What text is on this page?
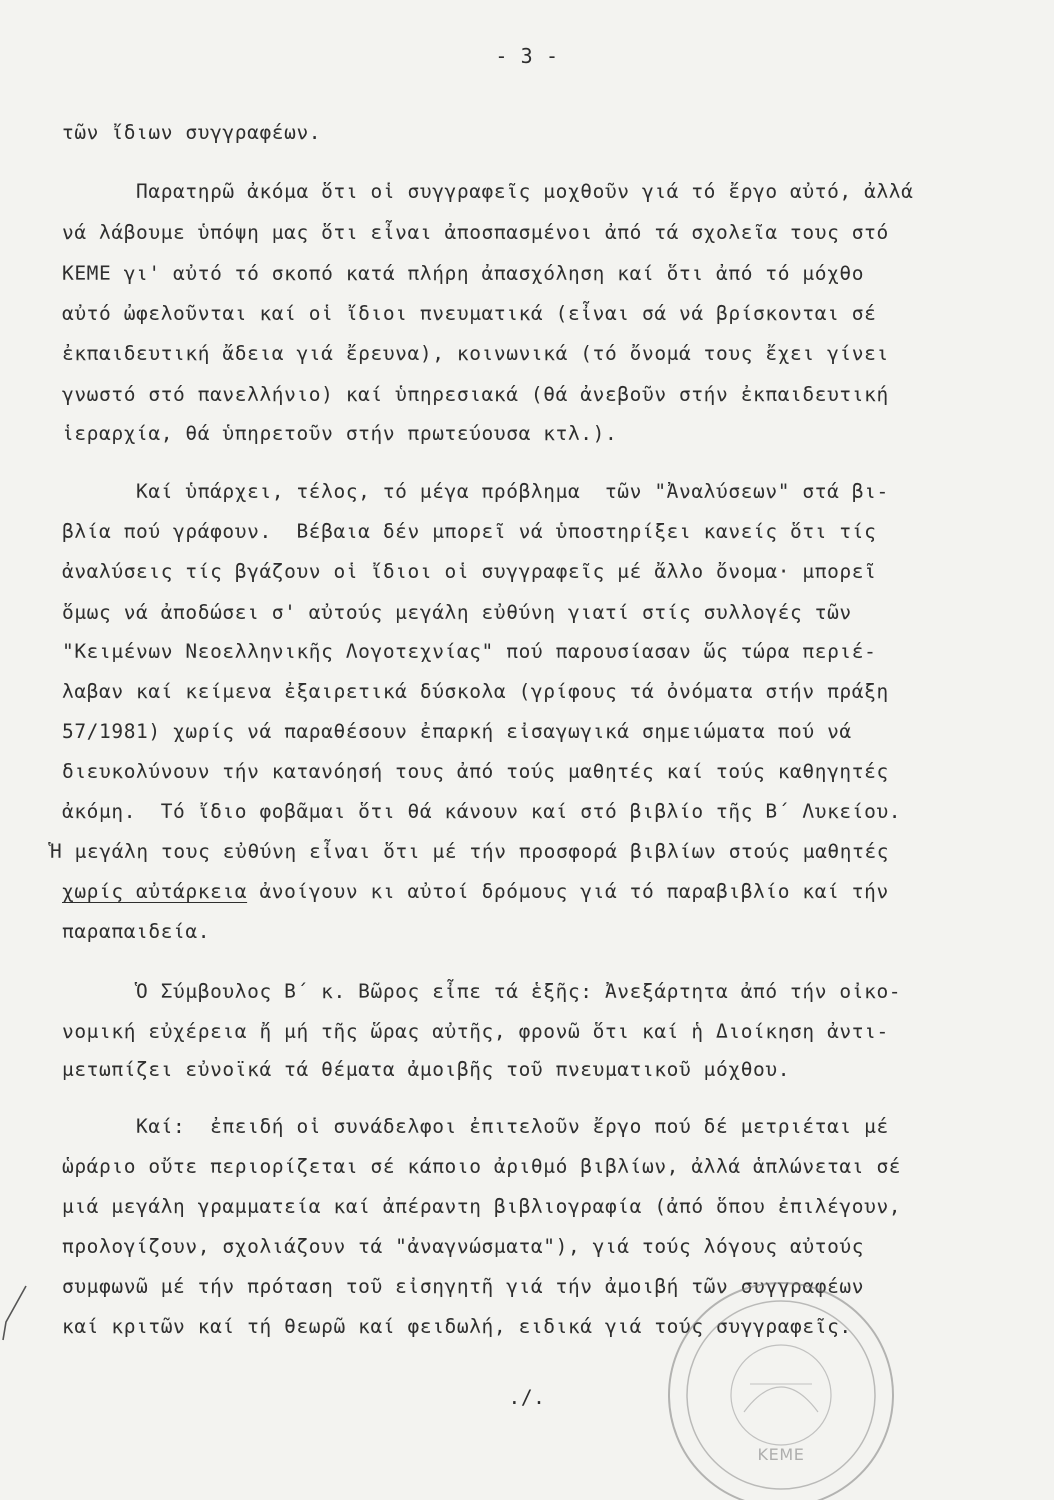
- 3 -
τῶν ἴδιων συγγραφέων.
Παρατηρῶ ἀκόμα ὅτι οἱ συγγραφεῖς μοχθοῦν γιά τό ἔργο αὐτό, ἀλλά
νά λάβουμε ὑπόψη μας ὅτι εἶναι ἀποσπασμένοι ἀπό τά σχολεῖα τους στό
ΚΕΜΕ γι' αὐτό τό σκοπό κατά πλήρη ἀπασχόληση καί ὅτι ἀπό τό μόχθο
αὐτό ὠφελοῦνται καί οἱ ἴδιοι πνευματικά (εἶναι σά νά βρίσκονται σέ
ἐκπαιδευτική ἄδεια γιά ἔρευνα), κοινωνικά (τό ὄνομά τους ἔχει γίνει
γνωστό στό πανελλήνιο) καί ὑπηρεσιακά (θά ἀνεβοῦν στήν ἐκπαιδευτική
ἱεραρχία, θά ὑπηρετοῦν στήν πρωτεύουσα κτλ.).
Καί ὑπάρχει, τέλος, τό μέγα πρόβλημα  τῶν "Ἀναλύσεων" στά βι-
βλία πού γράφουν.  Βέβαια δέν μπορεῖ νά ὑποστηρίξει κανείς ὅτι τίς
ἀναλύσεις τίς βγάζουν οἱ ἴδιοι οἱ συγγραφεῖς μέ ἄλλο ὄνομα· μπορεῖ
ὅμως νά ἀποδώσει σ' αὐτούς μεγάλη εὐθύνη γιατί στίς συλλογές τῶν
"Κειμένων Νεοελληνικῆς Λογοτεχνίας" πού παρουσίασαν ὥς τώρα περιέ-
λαβαν καί κείμενα ἐξαιρετικά δύσκολα (γρίφους τά ὀνόματα στήν πράξη
57/1981) χωρίς νά παραθέσουν ἐπαρκή εἰσαγωγικά σημειώματα πού νά
διευκολύνουν τήν κατανόησή τους ἀπό τούς μαθητές καί τούς καθηγητές
ἀκόμη.  Τό ἴδιο φοβᾶμαι ὅτι θά κάνουν καί στό βιβλίο τῆς Β΄ Λυκείου.
Ἡ μεγάλη τους εὐθύνη εἶναι ὅτι μέ τήν προσφορά βιβλίων στούς μαθητές
χωρίς αὐτάρκεια ἀνοίγουν κι αὐτοί δρόμους γιά τό παραβιβλίο καί τήν
παραπαιδεία.
Ὁ Σύμβουλος Β΄ κ. Βῶρος εἶπε τά ἑξῆς: Ἀνεξάρτητα ἀπό τήν οἰκο-
νομική εὐχέρεια ἤ μή τῆς ὥρας αὐτῆς, φρονῶ ὅτι καί ἡ Διοίκηση ἀντι-
μετωπίζει εὐνοϊκά τά θέματα ἀμοιβῆς τοῦ πνευματικοῦ μόχθου.
Καί:  ἐπειδή οἱ συνάδελφοι ἐπιτελοῦν ἔργο πού δέ μετριέται μέ
ὡράριο οὔτε περιορίζεται σέ κάποιο ἀριθμό βιβλίων, ἀλλά ἁπλώνεται σέ
μιά μεγάλη γραμματεία καί ἀπέραντη βιβλιογραφία (ἀπό ὅπου ἐπιλέγουν,
προλογίζουν, σχολιάζουν τά "ἀναγνώσματα"), γιά τούς λόγους αὐτούς
συμφωνῶ μέ τήν πρόταση τοῦ εἰσηγητῆ γιά τήν ἀμοιβή τῶν συγγραφέων
καί κριτῶν καί τή θεωρῶ καί φειδωλή, ειδικά γιά τούς συγγραφεῖς.
./.
ΚΕΜΕ
